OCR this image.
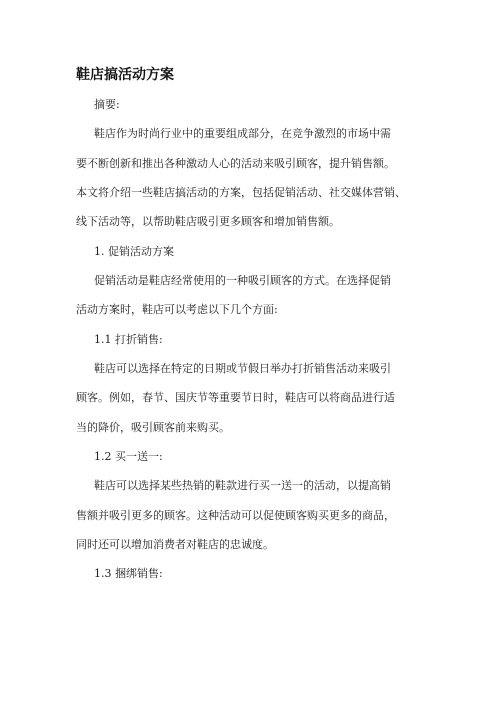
鞋店搞活动方案
摘要:
鞋店作为时尚行业中的重要组成部分，在竞争激烈的市场中需
要不断创新和推出各种激动人心的活动来吸引顾客，提升销售额。
本文将介绍一些鞋店搞活动的方案，包括促销活动、社交媒体营销、
线下活动等，以帮助鞋店吸引更多顾客和增加销售额。
1. 促销活动方案
促销活动是鞋店经常使用的一种吸引顾客的方式。在选择促销
活动方案时，鞋店可以考虑以下几个方面:
1.1 打折销售:
鞋店可以选择在特定的日期或节假日举办打折销售活动来吸引
顾客。例如，春节、国庆节等重要节日时，鞋店可以将商品进行适
当的降价，吸引顾客前来购买。
1.2 买一送一:
鞋店可以选择某些热销的鞋款进行买一送一的活动，以提高销
售额并吸引更多的顾客。这种活动可以促使顾客购买更多的商品，
同时还可以增加消费者对鞋店的忠诚度。
1.3 捆绑销售:
